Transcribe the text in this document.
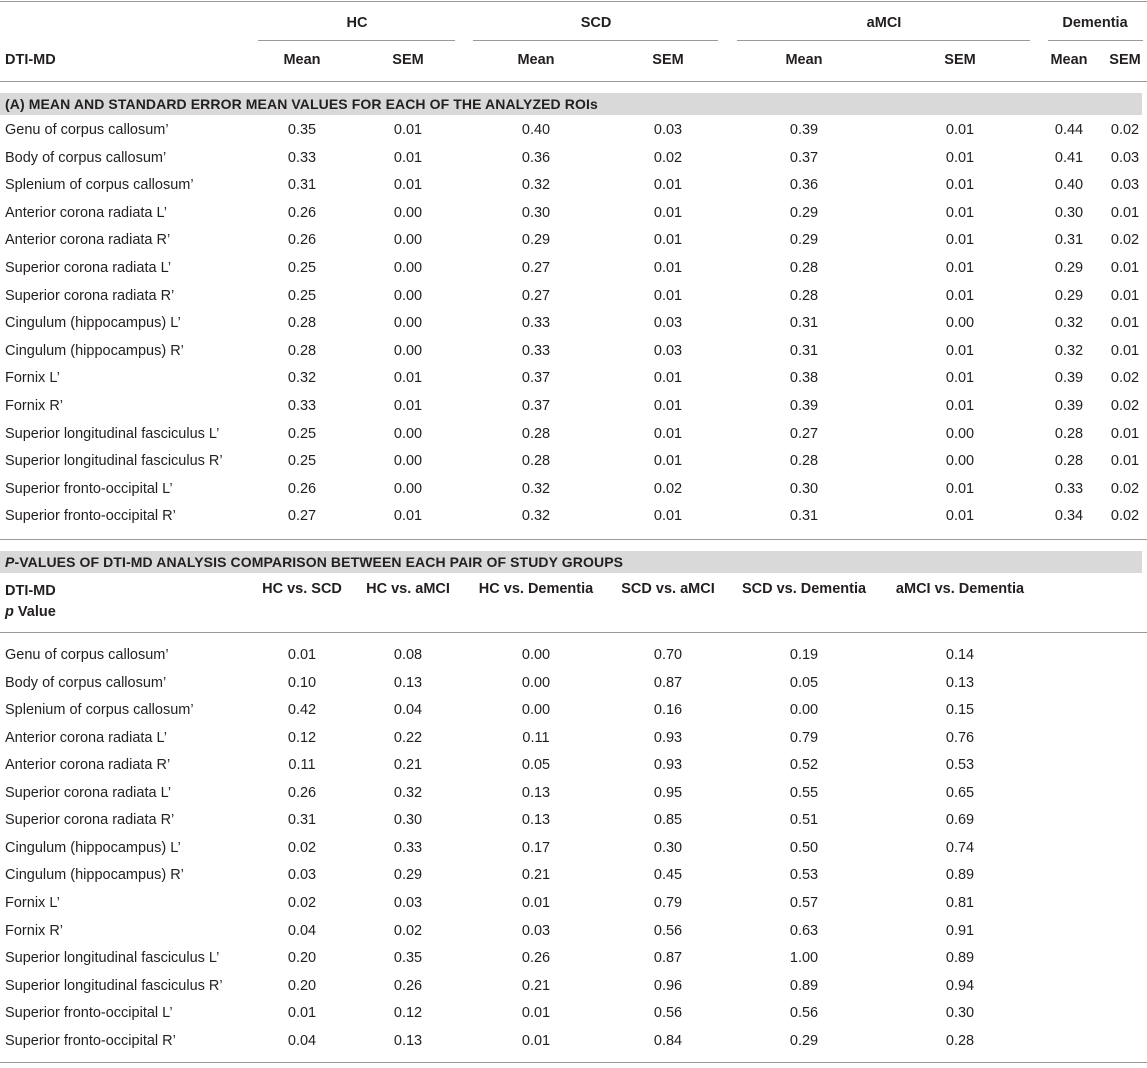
HC	SCD	aMCI	Dementia
DTI-MD	Mean	SEM	Mean	SEM	Mean	SEM	Mean	SEM
(A) MEAN AND STANDARD ERROR MEAN VALUES FOR EACH OF THE ANALYZED ROIs
Genu of corpus callosum’	0.35	0.01	0.40	0.03	0.39	0.01	0.44	0.02
Body of corpus callosum’	0.33	0.01	0.36	0.02	0.37	0.01	0.41	0.03
Splenium of corpus callosum’	0.31	0.01	0.32	0.01	0.36	0.01	0.40	0.03
Anterior corona radiata L’	0.26	0.00	0.30	0.01	0.29	0.01	0.30	0.01
Anterior corona radiata R’	0.26	0.00	0.29	0.01	0.29	0.01	0.31	0.02
Superior corona radiata L’	0.25	0.00	0.27	0.01	0.28	0.01	0.29	0.01
Superior corona radiata R’	0.25	0.00	0.27	0.01	0.28	0.01	0.29	0.01
Cingulum (hippocampus) L’	0.28	0.00	0.33	0.03	0.31	0.00	0.32	0.01
Cingulum (hippocampus) R’	0.28	0.00	0.33	0.03	0.31	0.01	0.32	0.01
Fornix L’	0.32	0.01	0.37	0.01	0.38	0.01	0.39	0.02
Fornix R’	0.33	0.01	0.37	0.01	0.39	0.01	0.39	0.02
Superior longitudinal fasciculus L’	0.25	0.00	0.28	0.01	0.27	0.00	0.28	0.01
Superior longitudinal fasciculus R’	0.25	0.00	0.28	0.01	0.28	0.00	0.28	0.01
Superior fronto-occipital L’	0.26	0.00	0.32	0.02	0.30	0.01	0.33	0.02
Superior fronto-occipital R’	0.27	0.01	0.32	0.01	0.31	0.01	0.34	0.02
P-VALUES OF DTI-MD ANALYSIS COMPARISON BETWEEN EACH PAIR OF STUDY GROUPS
DTI-MD
p Value
HC vs. SCD	HC vs. aMCI	HC vs. Dementia	SCD vs. aMCI	SCD vs. Dementia	aMCI vs. Dementia
Genu of corpus callosum’	0.01	0.08	0.00	0.70	0.19	0.14
Body of corpus callosum’	0.10	0.13	0.00	0.87	0.05	0.13
Splenium of corpus callosum’	0.42	0.04	0.00	0.16	0.00	0.15
Anterior corona radiata L’	0.12	0.22	0.11	0.93	0.79	0.76
Anterior corona radiata R’	0.11	0.21	0.05	0.93	0.52	0.53
Superior corona radiata L’	0.26	0.32	0.13	0.95	0.55	0.65
Superior corona radiata R’	0.31	0.30	0.13	0.85	0.51	0.69
Cingulum (hippocampus) L’	0.02	0.33	0.17	0.30	0.50	0.74
Cingulum (hippocampus) R’	0.03	0.29	0.21	0.45	0.53	0.89
Fornix L’	0.02	0.03	0.01	0.79	0.57	0.81
Fornix R’	0.04	0.02	0.03	0.56	0.63	0.91
Superior longitudinal fasciculus L’	0.20	0.35	0.26	0.87	1.00	0.89
Superior longitudinal fasciculus R’	0.20	0.26	0.21	0.96	0.89	0.94
Superior fronto-occipital L’	0.01	0.12	0.01	0.56	0.56	0.30
Superior fronto-occipital R’	0.04	0.13	0.01	0.84	0.29	0.28
